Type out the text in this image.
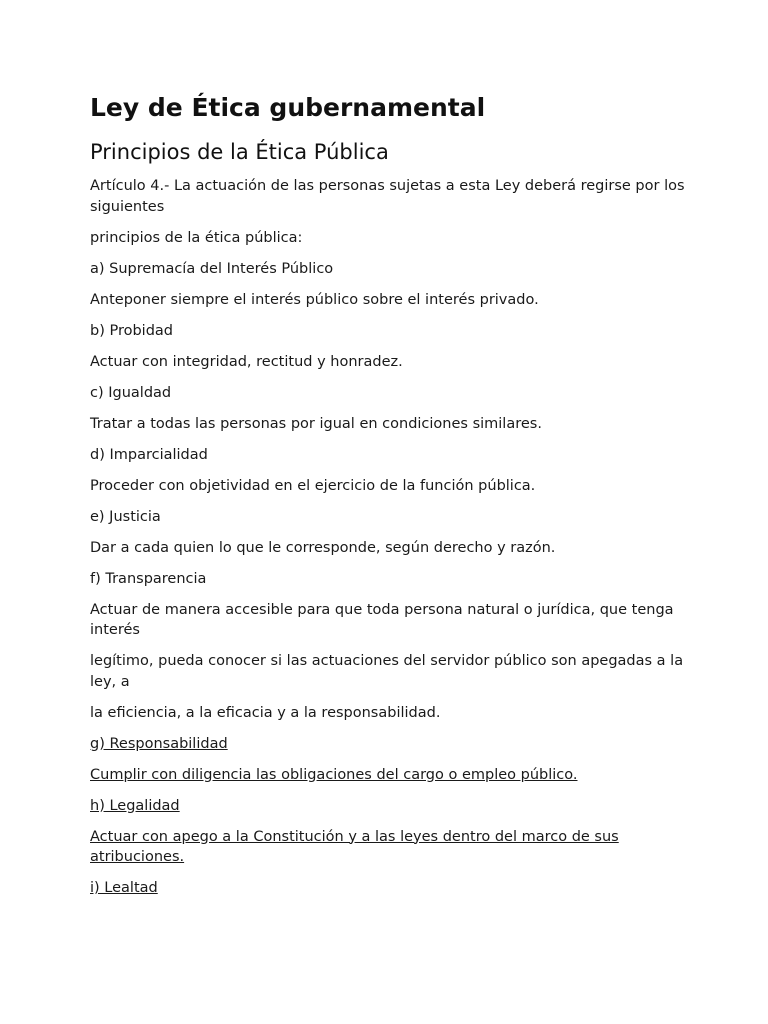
Ley de Ética gubernamental
Principios de la Ética Pública

Artículo 4.- La actuación de las personas sujetas a esta Ley deberá regirse por los siguientes

principios de la ética pública:

a) Supremacía del Interés Público

Anteponer siempre el interés público sobre el interés privado.

b) Probidad

Actuar con integridad, rectitud y honradez.

c) Igualdad

Tratar a todas las personas por igual en condiciones similares.

d) Imparcialidad

Proceder con objetividad en el ejercicio de la función pública.

e) Justicia

Dar a cada quien lo que le corresponde, según derecho y razón.

f) Transparencia

Actuar de manera accesible para que toda persona natural o jurídica, que tenga interés

legítimo, pueda conocer si las actuaciones del servidor público son apegadas a la ley, a

la eficiencia, a la eficacia y a la responsabilidad.

g) Responsabilidad

Cumplir con diligencia las obligaciones del cargo o empleo público.

h) Legalidad

Actuar con apego a la Constitución y a las leyes dentro del marco de sus atribuciones.

i) Lealtad
